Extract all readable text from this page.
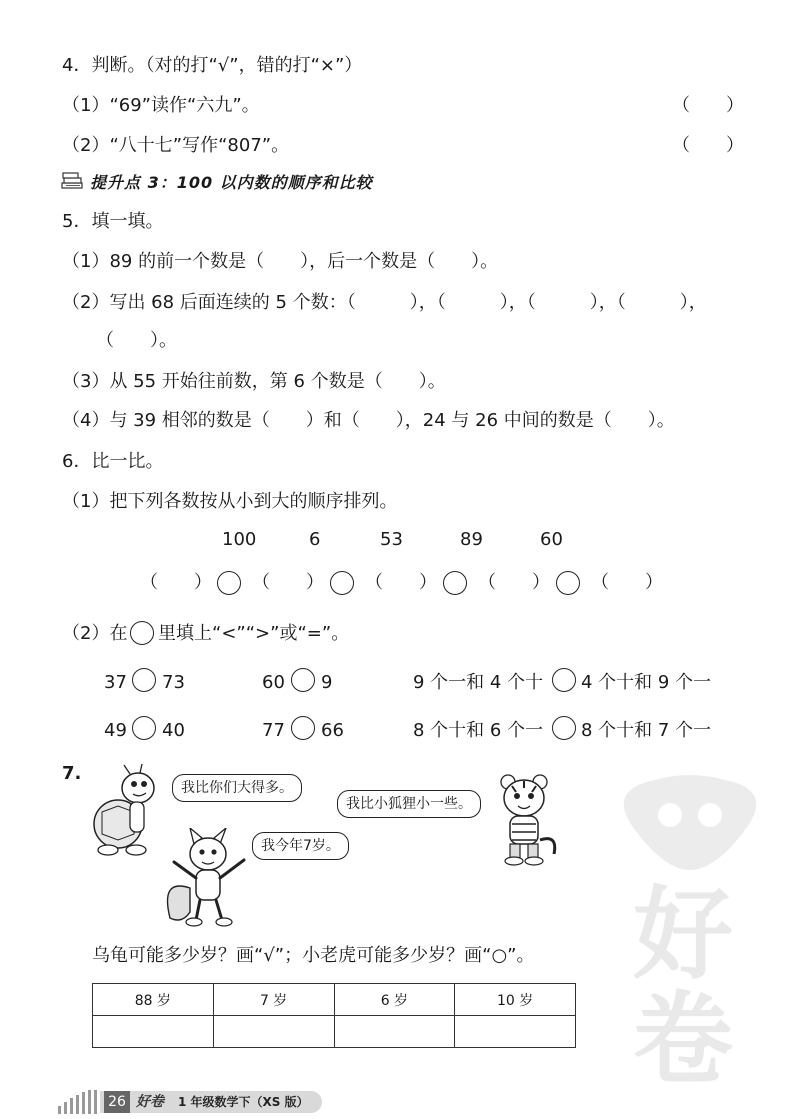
4．判断。（对的打“√”，错的打“×”）
（1）“69”读作“六九”。	（　　）
（2）“八十七”写作“807”。	（　　）
提升点 3：100 以内数的顺序和比较
5．填一填。
（1）89 的前一个数是（　　），后一个数是（　　）。
（2）写出 68 后面连续的 5 个数：（　　　），（　　　），（　　　），（　　　），
（　　）。
（3）从 55 开始往前数，第 6 个数是（　　）。
（4）与 39 相邻的数是（　　）和（　　），24 与 26 中间的数是（　　）。
6．比一比。
（1）把下列各数按从小到大的顺序排列。
100	6	53	89	60
（　　） （　　） （　　） （　　） （　　）
（2）在 里填上“<”“>”或“=”。
37 73	60 9	9 个一和 4 个十 4 个十和 9 个一
49 40	77 66	8 个十和 6 个一 8 个十和 7 个一
7.
我比你们大得多。
我比小狐狸小一些。
我今年7岁。
乌龟可能多少岁？画“√”；小老虎可能多少岁？画“○”。
88 岁	7 岁	6 岁	10 岁

好
卷
26 好卷 1 年级数学下（XS 版）
